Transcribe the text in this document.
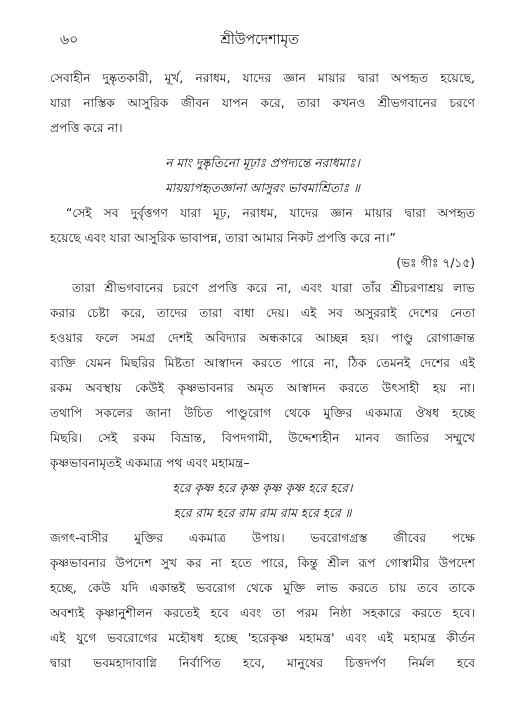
৬০	শ্রীউপদেশামৃত
সেবাহীন দুষ্কৃতকারী, মূর্খ, নরাধম, যাদের জ্ঞান মায়ার দ্বারা অপহৃত হয়েছে,
যারা নাস্তিক আসুরিক জীবন যাপন করে, তারা কখনও শ্রীভগবানের চরণে
প্রপত্তি করে না।
ন মাং দুষ্কৃতিনো মূঢ়াঃ প্রপদ্যন্তে নরাধমাঃ।
মায়য়াপহৃতজ্ঞানা আসুরং ভাবমাশ্রিতাঃ ॥
“সেই সব দুর্বৃত্তগণ যারা মূঢ়, নরাধম, যাদের জ্ঞান মায়ার দ্বারা অপহৃত
হয়েছে এবং যারা আসুরিক ভাবাপন্ন, তারা আমার নিকট প্রপত্তি করে না।”
(ভঃ গীঃ ৭/১৫)
তারা শ্রীভগবানের চরণে প্রপত্তি করে না, এবং যারা তাঁর শ্রীচরণাশ্রয় লাভ
করার চেষ্টা করে, তাদের তারা বাধা দেয়। এই সব অসুররাই দেশের নেতা
হওয়ার ফলে সমগ্র দেশই অবিদ্যার অন্ধকারে আচ্ছন্ন হয়। পাণ্ডু রোগাক্রান্ত
ব্যক্তি যেমন মিছরির মিষ্টতা আস্বাদন করতে পারে না, ঠিক তেমনই দেশের এই
রকম অবস্থায় কেউই কৃষ্ণভাবনার অমৃত আস্বাদন করতে উৎসাহী হয় না।
তথাপি সকলের জানা উচিত পাণ্ডুরোগ থেকে মুক্তির একমাত্র ঔষধ হচ্ছে
মিছরি। সেই রকম বিভ্রান্ত, বিপদগামী, উদ্দেশ্যহীন মানব জাতির সম্মুখে
কৃষ্ণভাবনামৃতই একমাত্র পথ এবং মহামন্ত্র–
হরে কৃষ্ণ হরে কৃষ্ণ কৃষ্ণ কৃষ্ণ হরে হরে।
হরে রাম হরে রাম রাম রাম হরে হরে ॥
জগৎ-বাসীর মুক্তির একমাত্র উপায়। ভবরোগগ্রস্ত জীবের পক্ষে
কৃষ্ণভাবনার উপদেশ সুখ কর না হতে পারে, কিন্তু শ্রীল রূপ গোস্বামীর উপদেশ
হচ্ছে, কেউ যদি একান্তই ভবরোগ থেকে মুক্তি লাভ করতে চায় তবে তাকে
অবশ্যই কৃষ্ণানুশীলন করতেই হবে এবং তা পরম নিষ্ঠা সহকারে করতে হবে।
এই যুগে ভবরোগের মহৌষধ হচ্ছে 'হরেকৃষ্ণ মহামন্ত্র' এবং এই মহামন্ত্র কীর্তন
দ্বারা ভবমহাদাবাগ্নি নির্বাপিত হবে, মানুষের চিত্তদর্পণ নির্মল হবে
